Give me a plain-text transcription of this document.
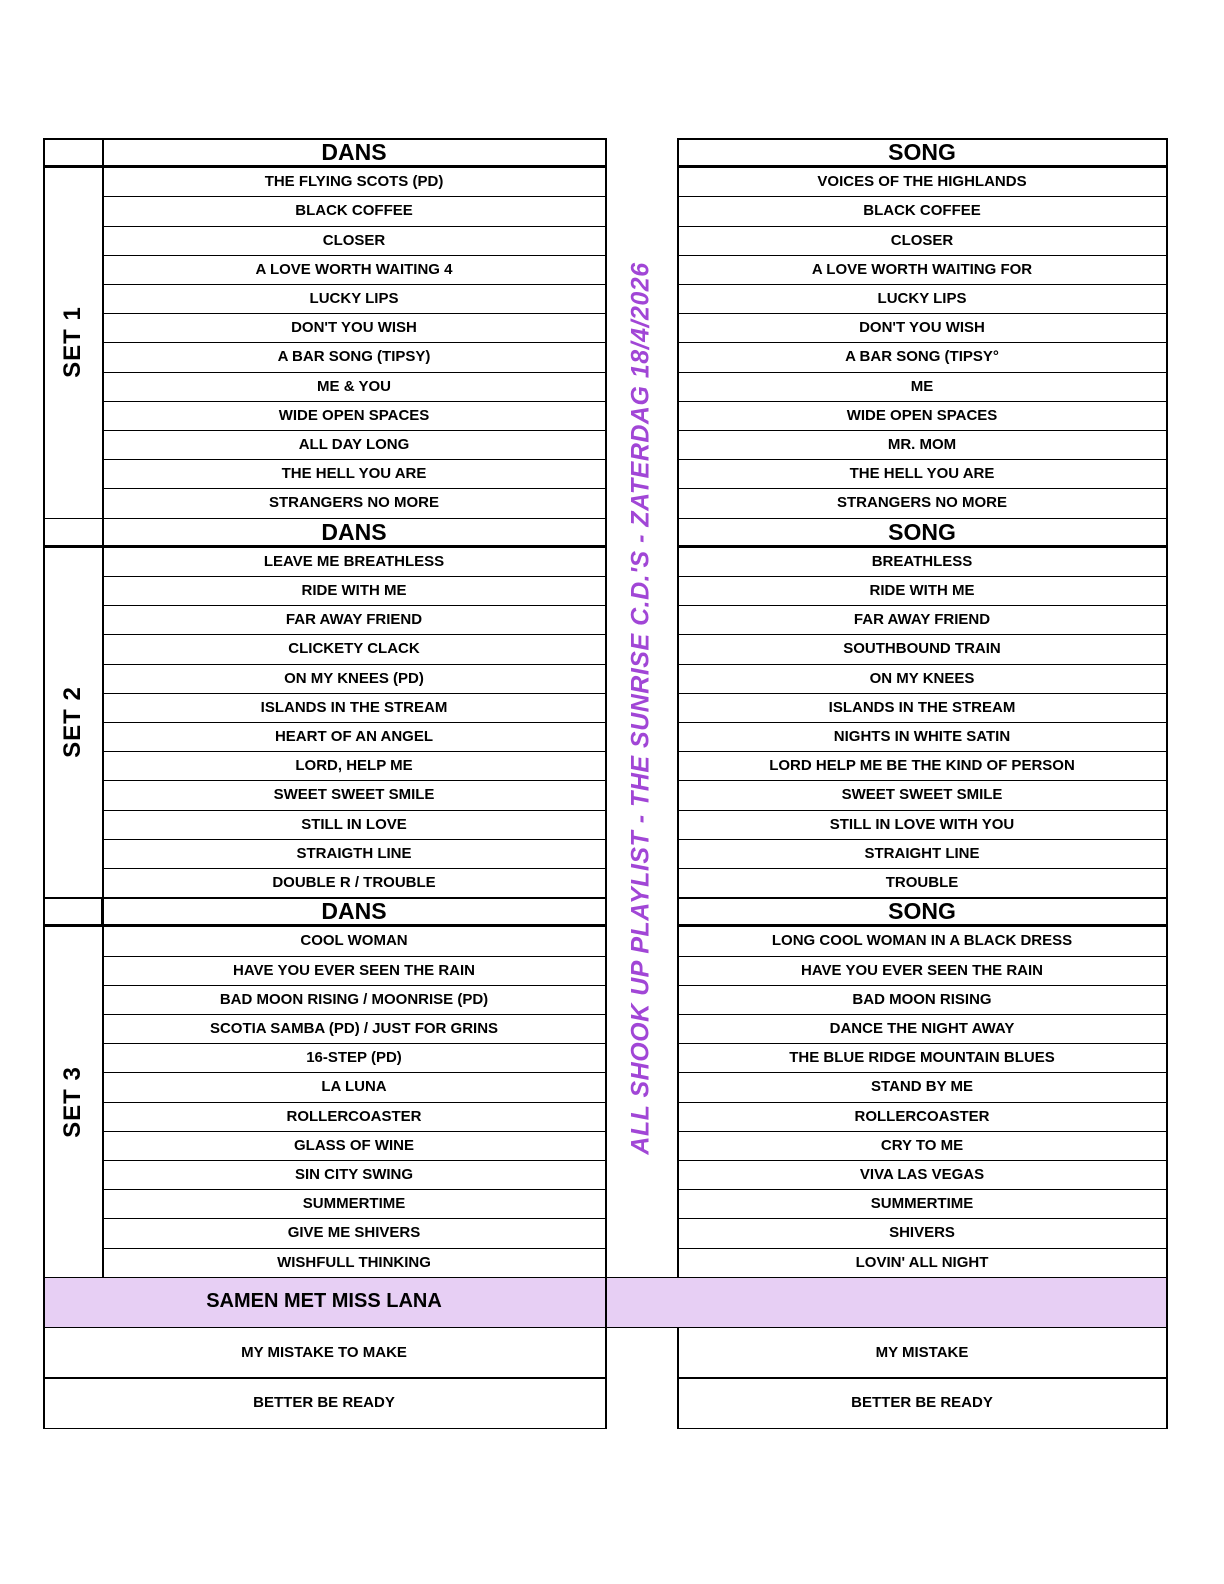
ALL SHOOK UP PLAYLIST - THE SUNRISE C.D.'S - ZATERDAG 18/4/2026
DANS	SONG
THE FLYING SCOTS (PD)	VOICES OF THE HIGHLANDS
BLACK COFFEE	BLACK COFFEE
CLOSER	CLOSER
A LOVE WORTH WAITING 4	A LOVE WORTH WAITING FOR
LUCKY LIPS	LUCKY LIPS
DON'T YOU WISH	DON'T YOU WISH
A BAR SONG (TIPSY)	A BAR SONG (TIPSY°
ME & YOU	ME
WIDE OPEN SPACES	WIDE OPEN SPACES
ALL DAY LONG	MR. MOM
THE HELL YOU ARE	THE HELL YOU ARE
STRANGERS NO MORE	STRANGERS NO MORE
SET 1
DANS	SONG
LEAVE ME BREATHLESS	BREATHLESS
RIDE WITH ME	RIDE WITH ME
FAR AWAY FRIEND	FAR AWAY FRIEND
CLICKETY CLACK	SOUTHBOUND TRAIN
ON MY KNEES (PD)	ON MY KNEES
ISLANDS IN THE STREAM	ISLANDS IN THE STREAM
HEART OF AN ANGEL	NIGHTS IN WHITE SATIN
LORD, HELP ME	LORD HELP ME BE THE KIND OF PERSON
SWEET SWEET SMILE	SWEET SWEET SMILE
STILL IN LOVE	STILL IN LOVE WITH YOU
STRAIGTH LINE	STRAIGHT LINE
DOUBLE R / TROUBLE	TROUBLE
SET 2
DANS	SONG
COOL WOMAN	LONG COOL WOMAN IN A BLACK DRESS
HAVE YOU EVER SEEN THE RAIN	HAVE YOU EVER SEEN THE RAIN
BAD MOON RISING / MOONRISE (PD)	BAD MOON RISING
SCOTIA SAMBA (PD) / JUST FOR GRINS	DANCE THE NIGHT AWAY
16-STEP (PD)	THE BLUE RIDGE MOUNTAIN BLUES
LA LUNA	STAND BY ME
ROLLERCOASTER	ROLLERCOASTER
GLASS OF WINE	CRY TO ME
SIN CITY SWING	VIVA LAS VEGAS
SUMMERTIME	SUMMERTIME
GIVE ME SHIVERS	SHIVERS
WISHFULL THINKING	LOVIN' ALL NIGHT
SET 3
SAMEN MET MISS LANA
MY MISTAKE TO MAKE	MY MISTAKE
BETTER BE READY	BETTER BE READY
